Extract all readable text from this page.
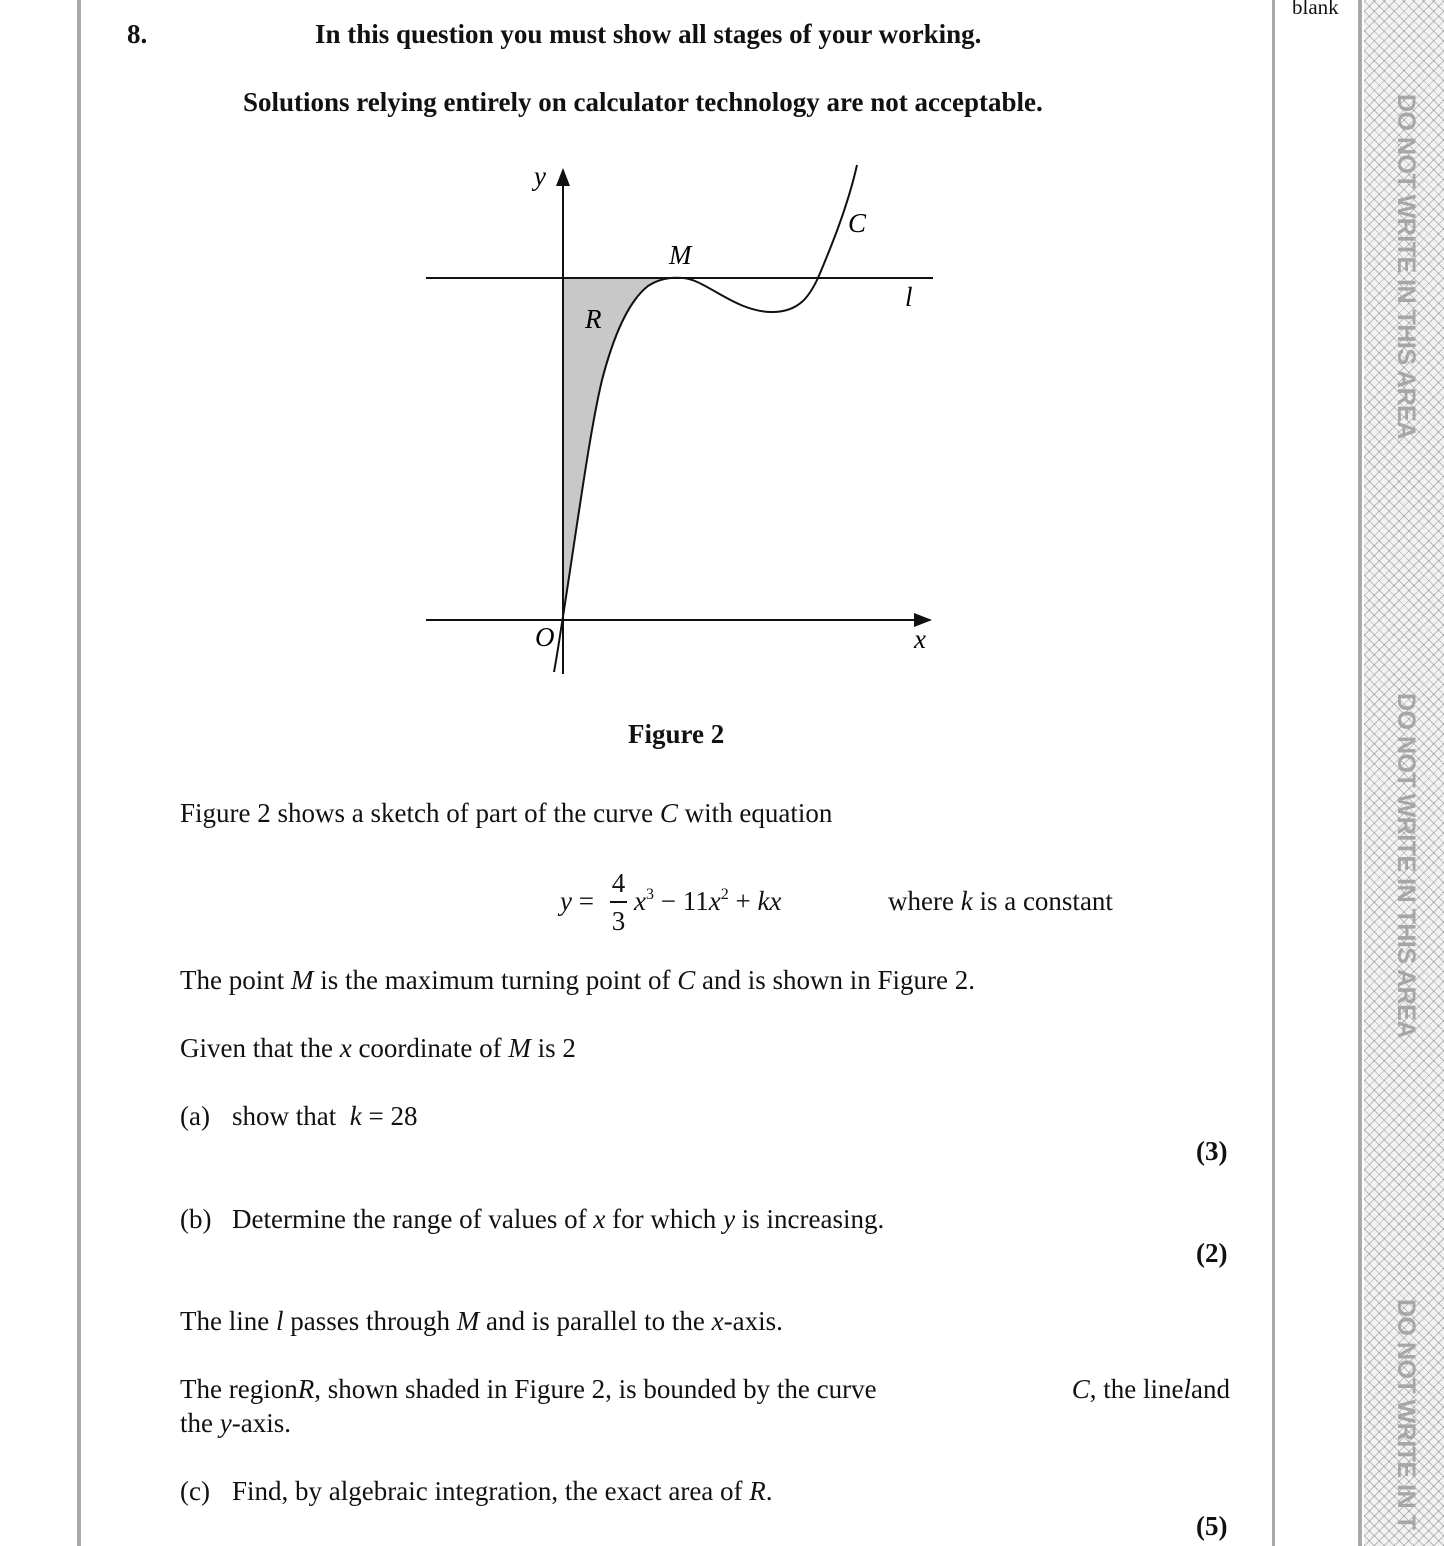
DO NOT WRITE IN THIS AREA
DO NOT WRITE IN THIS AREA
DO NOT WRITE IN T
blank
8.	In this question you must show all stages of your working.
Solutions relying entirely on calculator technology are not acceptable.
y
x
O
C
M
l
R
Figure 2
Figure 2 shows a sketch of part of the curve C with equation
y =
4
3
$x^3 - 11x^2$ + kx	where k is a constant
The point M is the maximum turning point of C and is shown in Figure 2.
Given that the x coordinate of M is 2
(a) show that  k = 28
(3)
(b) Determine the range of values of x for which y is increasing.
(2)
The line l passes through M and is parallel to the x-axis.
The region R , shown shaded in Figure 2, is bounded by the curve	C , the line l and
the y-axis.
(c) Find, by algebraic integration, the exact area of R.
(5)
